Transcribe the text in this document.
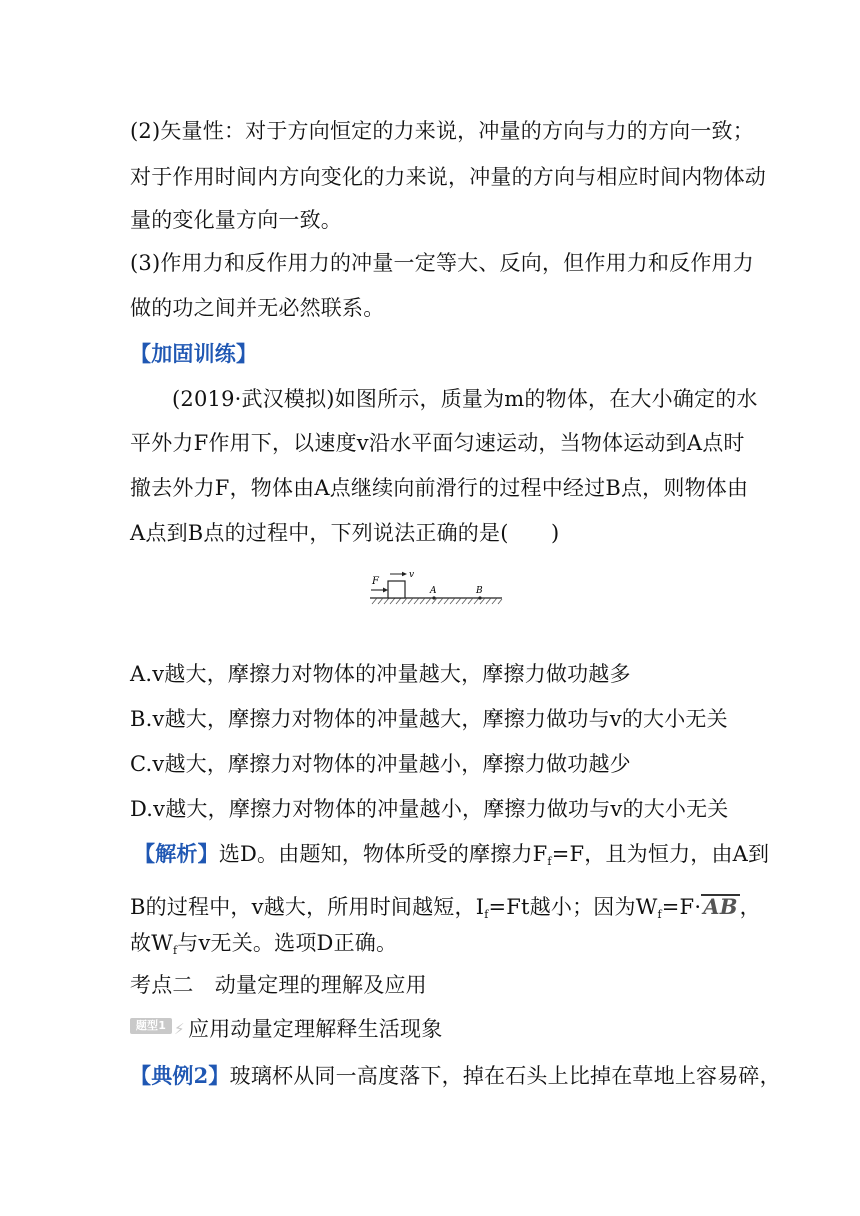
(2)矢量性：对于方向恒定的力来说，冲量的方向与力的方向一致；
对于作用时间内方向变化的力来说，冲量的方向与相应时间内物体动
量的变化量方向一致。
(3)作用力和反作用力的冲量一定等大、反向，但作用力和反作用力
做的功之间并无必然联系。
【加固训练】
(2019·武汉模拟)如图所示，质量为m的物体，在大小确定的水
平外力F作用下，以速度v沿水平面匀速运动，当物体运动到A点时
撤去外力F，物体由A点继续向前滑行的过程中经过B点，则物体由
A点到B点的过程中，下列说法正确的是(　　)
F
v
A	B
A.v越大，摩擦力对物体的冲量越大，摩擦力做功越多
B.v越大，摩擦力对物体的冲量越大，摩擦力做功与v的大小无关
C.v越大，摩擦力对物体的冲量越小，摩擦力做功越少
D.v越大，摩擦力对物体的冲量越小，摩擦力做功与v的大小无关
【解析】选D。由题知，物体所受的摩擦力$F_f=F$，且为恒力，由A到
B的过程中，v越大，所用时间越短，$I_f=Ft$越小；因为$W_f=F\cdot AB$，
故$W_f$与v无关。选项D正确。
考点二　动量定理的理解及应用
题型1 ⚡ 应用动量定理解释生活现象
【典例2】玻璃杯从同一高度落下，掉在石头上比掉在草地上容易碎，
